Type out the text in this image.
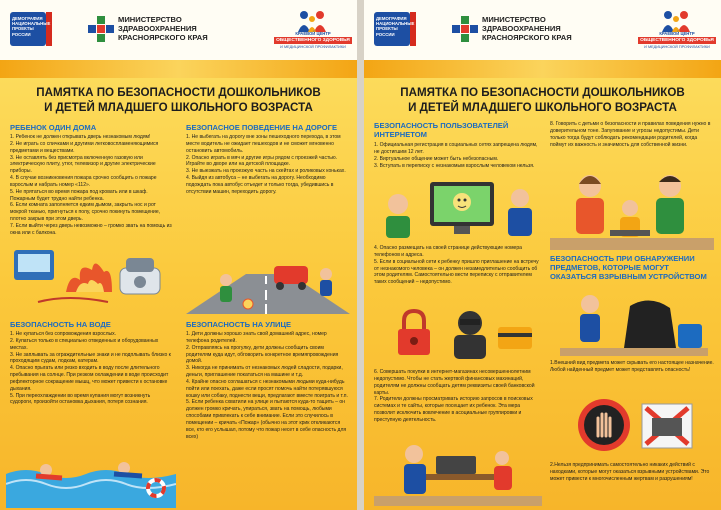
ДЕМОГРАФИЯ
НАЦИОНАЛЬНЫЕ
ПРОЕКТЫ
РОССИИ
МИНИСТЕРСТВО
ЗДРАВООХРАНЕНИЯ
КРАСНОЯРСКОГО КРАЯ	КРАЕВОЙ ЦЕНТР
ОБЩЕСТВЕННОГО ЗДОРОВЬЯ
И МЕДИЦИНСКОЙ ПРОФИЛАКТИКИ
ПАМЯТКА ПО БЕЗОПАСНОСТИ ДОШКОЛЬНИКОВ
И ДЕТЕЙ МЛАДШЕГО ШКОЛЬНОГО ВОЗРАСТА
РЕБЕНОК ОДИН ДОМА

1. Ребенок не должен открывать дверь незнакомым людям!

2. Не играть со спичками и другими легковоспламеняющимися предметами и веществами.

3. Не оставлять без присмотра включенную газовую или электрическую плиту, утюг, телевизор и другие электрические приборы.

4. В случае возникновения пожара срочно сообщить о пожаре взрослым и набрать номер «112».

5. Не прятаться во время пожара под кровать или в шкаф. Пожарным будет трудно найти ребенка.

6. Если комната заполняется едким дымом, закрыть нос и рот мокрой тканью, пригнуться к полу, срочно покинуть помещение, плотно закрыв при этом дверь.

7. Если выйти через дверь невозможно – громко звать на помощь из окна или с балкона.

БЕЗОПАСНОЕ ПОВЕДЕНИЕ НА ДОРОГЕ

1. Не выбегать на дорогу вне зоны пешеходного перехода, в этом месте водитель не ожидает пешеходов и не сможет мгновенно остановить автомобиль.

2. Опасно играть в мяч и другие игры рядом с проезжей частью. Играйте во дворе или на детской площадке.

3. Не выезжать на проезжую часть на скейтах и роликовых коньках.

4. Выйдя из автобуса – не выбегать на дорогу. Необходимо подождать пока автобус отъедет и только тогда, убедившись в отсутствии машин, переходить дорогу.

БЕЗОПАСНОСТЬ НА ВОДЕ

1. Не купаться без сопровождения взрослых.

2. Купаться только в специально отведенных и оборудованных местах.

3. Не заплывать за ограждительные знаки и не подплывать близко к проходящим судам, лодкам, катерам.

4. Опасно прыгать или резко входить в воду после длительного пребывания на солнце. При резком охлаждении в воде происходит рефлекторное сокращение мышц, что может привести к остановке дыхания.

5. При переохлаждении во время купания могут возникнуть судороги, произойти остановка дыхания, потеря сознания.

БЕЗОПАСНОСТЬ НА УЛИЦЕ

1. Дети должны хорошо знать свой домашний адрес, номер телефона родителей.

2. Отправляясь на прогулку, дети должны сообщить своим родителям куда идут, обговорить конкретное времяпровождения домой.

3. Никогда не принимать от незнакомых людей сладости, подарки, деньги, приглашение покататься на машине и т.д.

4. Крайне опасно соглашаться с незнакомыми людьми куда-нибудь пойти или поехать, даже если просят помочь найти потерявшуюся кошку или собаку, поднести вещи, предлагают вместе поиграть и т.п.

5. Если ребенка схватили на улице и пытаются куда-то тащить – он должен громко кричать, упираться, звать на помощь, любыми способами привлекать к себе внимание. Если это случилось в помещении – кричать «Пожар» (обычно на этот крик откликаются все, кто его услышал, потому что пожар несет в себе опасность для всех)

ДЕМОГРАФИЯ
НАЦИОНАЛЬНЫЕ
ПРОЕКТЫ
РОССИИ
МИНИСТЕРСТВО
ЗДРАВООХРАНЕНИЯ
КРАСНОЯРСКОГО КРАЯ	КРАЕВОЙ ЦЕНТР
ОБЩЕСТВЕННОГО ЗДОРОВЬЯ
И МЕДИЦИНСКОЙ ПРОФИЛАКТИКИ
ПАМЯТКА ПО БЕЗОПАСНОСТИ ДОШКОЛЬНИКОВ
И ДЕТЕЙ МЛАДШЕГО ШКОЛЬНОГО ВОЗРАСТА
БЕЗОПАСНОСТЬ ПОЛЬЗОВАТЕЛЕЙ ИНТЕРНЕТОМ

1. Официальная регистрация в социальных сетях запрещена людям, не достигшим 12 лет.

2. Виртуальное общение может быть небезопасным.

3. Вступать в переписку с незнакомым взрослым человеком нельзя.

4. Опасно размещать на своей странице действующие номера телефонов и адреса.

5. Если в социальной сети к ребенку пришло приглашение на встречу от незнакомого человека – он должен незамедлительно сообщить об этом родителям. Самостоятельно вести переписку с отправителем таких сообщений – недопустимо.

6. Совершать покупки в интернет-магазинах несовершеннолетним недопустимо. Чтобы не стать жертвой финансовых махинаций, родителям не должны сообщать детям реквизиты своей банковской карты.

7. Родители должны просматривать историю запросов в поисковых системах и те сайты, которые посещает их ребенок. Эта мера позволит исключить вовлечение в асоциальные группировки и преступную деятельность.

8. Говорить с детьми о безопасности и правилах поведения нужно в доверительном тоне. Запугивание и угрозы недопустимы. Дети только тогда будут соблюдать рекомендации родителей, когда поймут их важность и значимость для собственной жизни.
БЕЗОПАСНОСТЬ ПРИ ОБНАРУЖЕНИИ ПРЕДМЕТОВ, КОТОРЫЕ МОГУТ ОКАЗАТЬСЯ ВЗРЫВНЫМ УСТРОЙСТВОМ
1.Внешний вид предмета может скрывать его настоящее назначение. Любой найденный предмет может представлять опасность!
2.Нельзя предпринимать самостоятельно никаких действий с находками, которые могут оказаться взрывными устройствами. Это может привести к многочисленным жертвам и разрушениям!
